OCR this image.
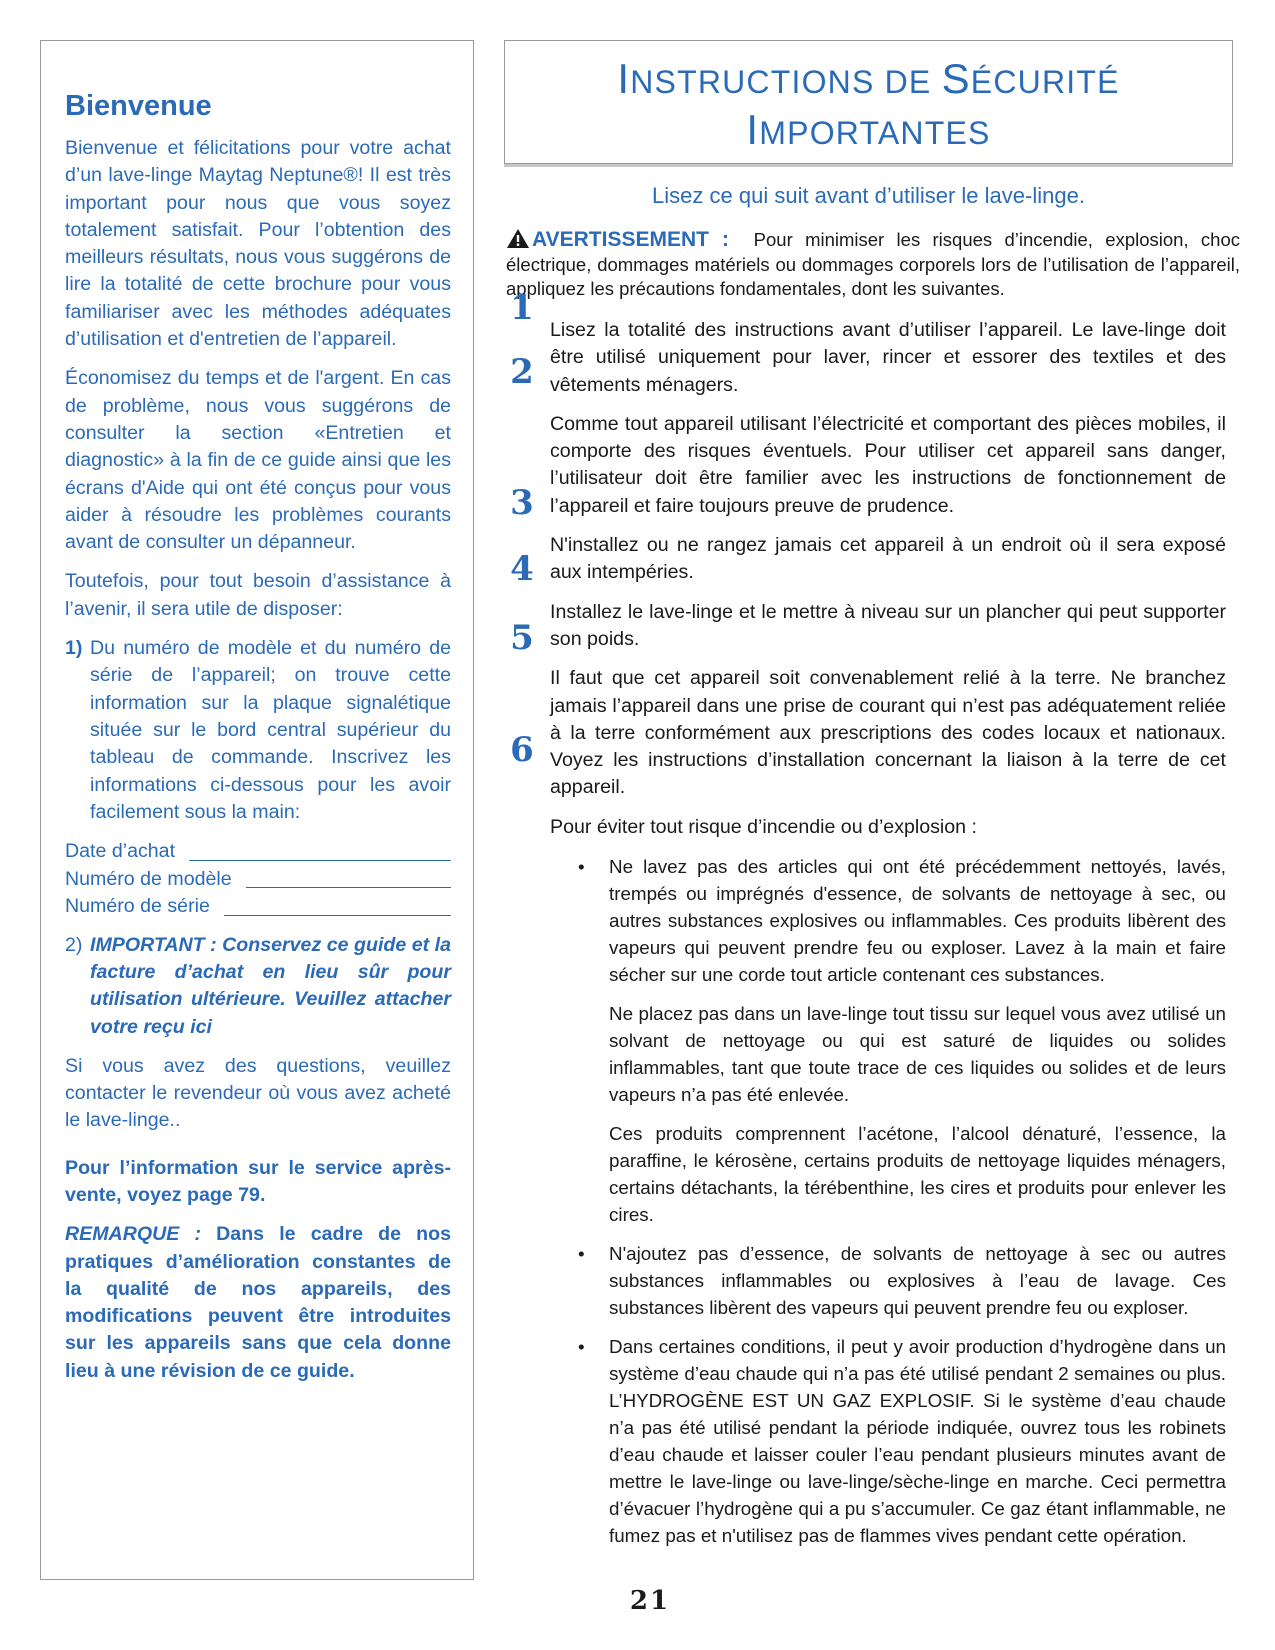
Bienvenue

Bienvenue et félicitations pour votre achat d’un lave-linge Maytag Neptune®! Il est très important pour nous que vous soyez totalement satisfait. Pour l’obtention des meilleurs résultats, nous vous suggérons de lire la totalité de cette brochure pour vous familiariser avec les méthodes adéquates d’utilisation et d'entretien de l’appareil.

Économisez du temps et de l'argent. En cas de problème, nous vous suggérons de consulter la section «Entretien et diagnostic» à la fin de ce guide ainsi que les écrans d'Aide qui ont été conçus pour vous aider à résoudre les problèmes courants avant de consulter un dépanneur.

Toutefois, pour tout besoin d’assistance à l’avenir, il sera utile de disposer:

1) Du numéro de modèle et du numéro de série de l’appareil; on trouve cette information sur la plaque signalétique située sur le bord central supérieur du tableau de commande. Inscrivez les informations ci-dessous pour les avoir facilement sous la main:
Date d’achat
Numéro de modèle
Numéro de série
2) IMPORTANT : Conservez ce guide et la facture d’achat en lieu sûr pour utilisation ultérieure. Veuillez attacher votre reçu ici

Si vous avez des questions, veuillez contacter le revendeur où vous avez acheté le lave-linge..

Pour l’information sur le service après-vente, voyez page 79.

REMARQUE : Dans le cadre de nos pratiques d’amélioration constantes de la qualité de nos appareils, des modifications peuvent être introduites sur les appareils sans que cela donne lieu à une révision de ce guide.

INSTRUCTIONS DE SÉCURITÉ
IMPORTANTES
Lisez ce qui suit avant d’utiliser le lave-linge.
AVERTISSEMENT : Pour minimiser les risques d’incendie, explosion, choc électrique, dommages matériels ou dommages corporels lors de l’utilisation de l’appareil, appliquez les précautions fondamentales, dont les suivantes.
1
2
3
4
5
6

Lisez la totalité des instructions avant d’utiliser l’appareil. Le lave-linge doit être utilisé uniquement pour laver, rincer et essorer des textiles et des vêtements ménagers.

Comme tout appareil utilisant l’électricité et comportant des pièces mobiles, il comporte des risques éventuels. Pour utiliser cet appareil sans danger, l’utilisateur doit être familier avec les instructions de fonctionnement de l’appareil et faire toujours preuve de prudence.

N'installez ou ne rangez jamais cet appareil à un endroit où il sera exposé aux intempéries.

Installez le lave-linge et le mettre à niveau sur un plancher qui peut supporter son poids.

Il faut que cet appareil soit convenablement relié à la terre. Ne branchez jamais l’appareil dans une prise de courant qui n’est pas adéquatement reliée à la terre conformément aux prescriptions des codes locaux et nationaux. Voyez les instructions d’installation concernant la liaison à la terre de cet appareil.

Pour éviter tout risque d’incendie ou d’explosion :

• Ne lavez pas des articles qui ont été précédemment nettoyés, lavés, trempés ou imprégnés d'essence, de solvants de nettoyage à sec, ou autres substances explosives ou inflammables. Ces produits libèrent des vapeurs qui peuvent prendre feu ou exploser. Lavez à la main et faire sécher sur une corde tout article contenant ces substances.

Ne placez pas dans un lave-linge tout tissu sur lequel vous avez utilisé un solvant de nettoyage ou qui est saturé de liquides ou solides inflammables, tant que toute trace de ces liquides ou solides et de leurs vapeurs n’a pas été enlevée.

Ces produits comprennent l’acétone, l’alcool dénaturé, l’essence, la paraffine, le kérosène, certains produits de nettoyage liquides ménagers, certains détachants, la térébenthine, les cires et produits pour enlever les cires.

• N'ajoutez pas d’essence, de solvants de nettoyage à sec ou autres substances inflammables ou explosives à l’eau de lavage. Ces substances libèrent des vapeurs qui peuvent prendre feu ou exploser.

• Dans certaines conditions, il peut y avoir production d’hydrogène dans un système d’eau chaude qui n’a pas été utilisé pendant 2 semaines ou plus. L’HYDROGÈNE EST UN GAZ EXPLOSIF. Si le système d’eau chaude n’a pas été utilisé pendant la période indiquée, ouvrez tous les robinets d’eau chaude et laisser couler l’eau pendant plusieurs minutes avant de mettre le lave-linge ou lave-linge/sèche-linge en marche. Ceci permettra d’évacuer l’hydrogène qui a pu s’accumuler. Ce gaz étant inflammable, ne fumez pas et n'utilisez pas de flammes vives pendant cette opération.

21
